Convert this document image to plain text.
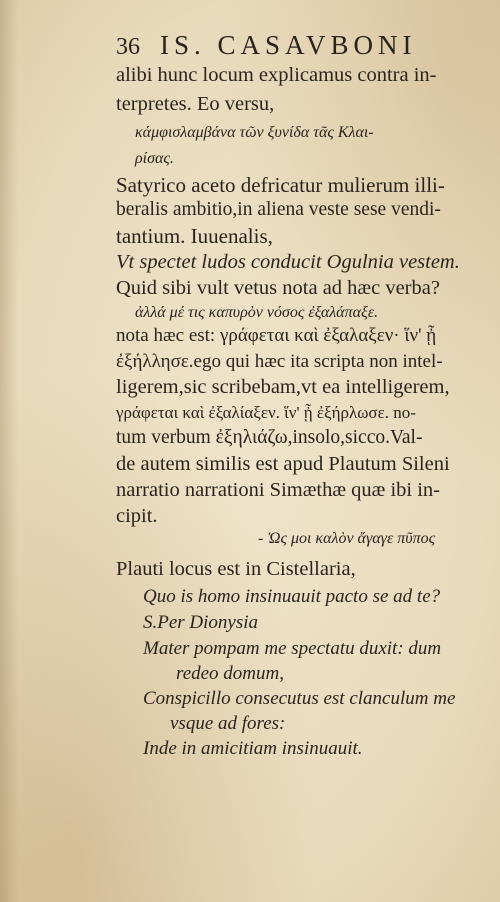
36 IS. CASAVBONI
alibi hunc locum explicamus contra in-
terpretes. Eo versu,
κάμφισλαμβάνα τῶν ξυνίδα τᾶς Κλαι-
ρίσας.
Satyrico aceto defricatur mulierum illi-
beralis ambitio,in aliena veste sese vendi-
tantium. Iuuenalis,
Vt spectet ludos conducit Ogulnia vestem.
Quid sibi vult vetus nota ad hæc verba?
ἀλλά μέ τις καπυρὸν νόσος ἐξαλάπαξε.
nota hæc est: γράφεται καὶ ἐξαλαξεν· ἵν' ᾖ
ἐξήλλησε.ego qui hæc ita scripta non intel-
ligerem,sic scribebam,vt ea intelligerem,
γράφεται καὶ ἐξαλίαξεν. ἵν' ᾖ ἐξήρλωσε. no-
tum verbum ἐξηλιάζω,insolo,sicco.Val-
de autem similis est apud Plautum Sileni
narratio narrationi Simæthæ quæ ibi in-
cipit.
- Ὡς μοι καλὸν ἄγαγε πῦπος
Plauti locus est in Cistellaria,
Quo is homo insinuauit pacto se ad te?
S.Per Dionysia
Mater pompam me spectatu duxit: dum
redeo domum,
Conspicillo consecutus est clanculum me
vsque ad fores:
Inde in amicitiam insinuauit.
